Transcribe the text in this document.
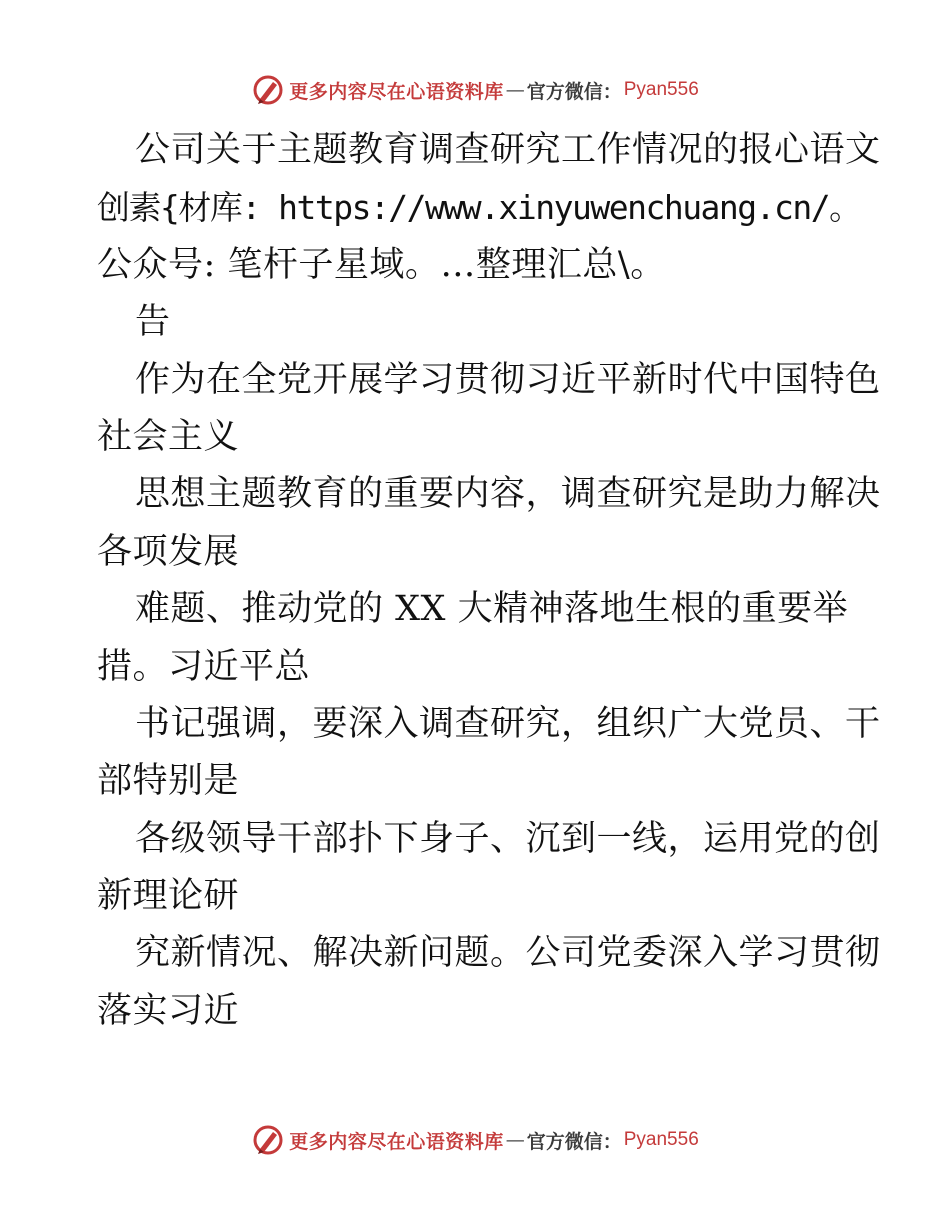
更多内容尽在心语资料库 — 官方微信： Pyan556
公司关于主题教育调查研究工作情况的报心语文
创素{材库: https://www.xinyuwenchuang.cn/。
公众号: 笔杆子星域。…整理汇总\。
告
作为在全党开展学习贯彻习近平新时代中国特色
社会主义
思想主题教育的重要内容，调查研究是助力解决
各项发展
难题、推动党的 XX 大精神落地生根的重要举
措。习近平总
书记强调，要深入调查研究，组织广大党员、干
部特别是
各级领导干部扑下身子、沉到一线，运用党的创
新理论研
究新情况、解决新问题。公司党委深入学习贯彻
落实习近
更多内容尽在心语资料库 — 官方微信： Pyan556
